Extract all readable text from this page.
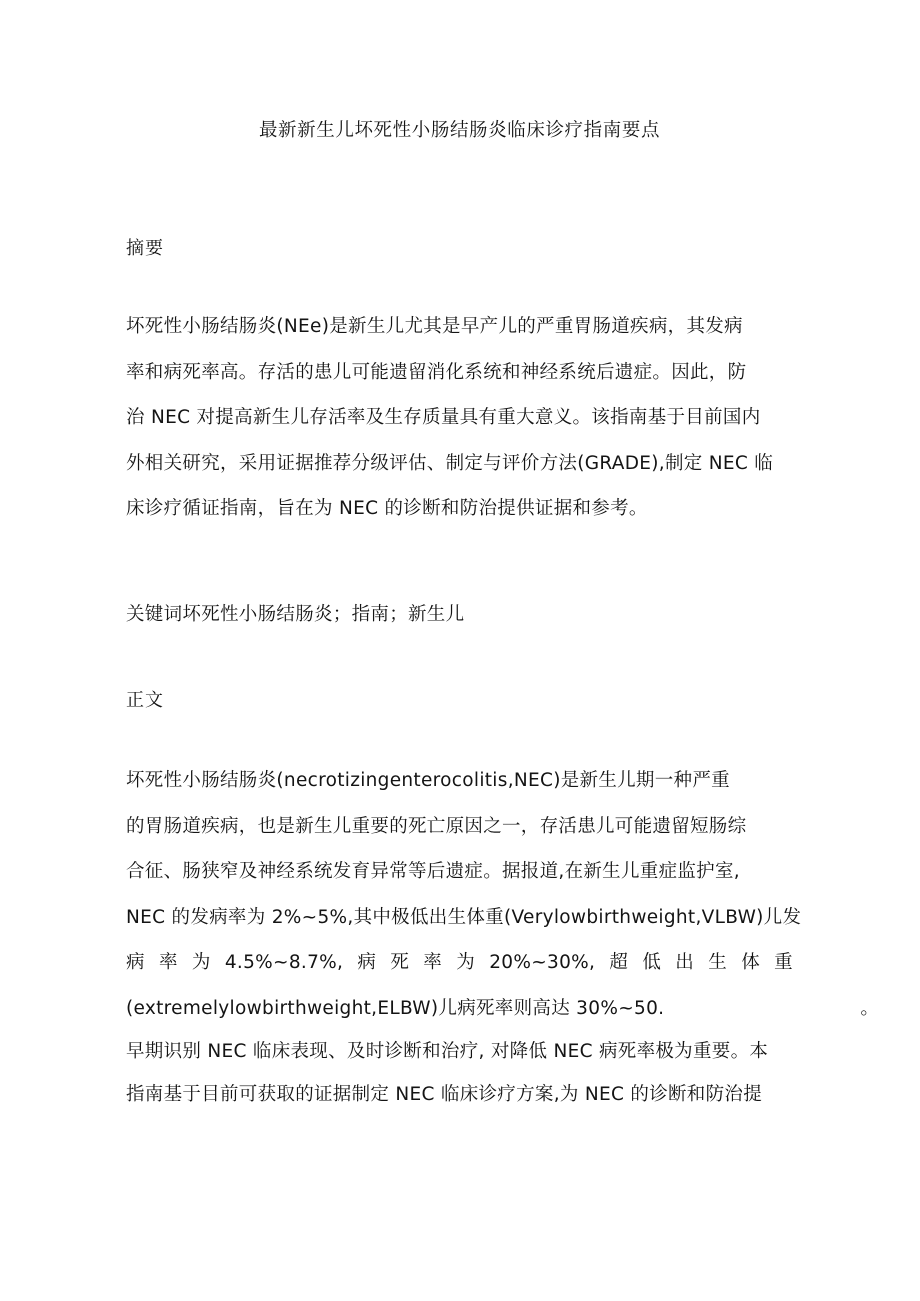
最新新生儿坏死性小肠结肠炎临床诊疗指南要点
摘要
坏死性小肠结肠炎(NEe)是新生儿尤其是早产儿的严重胃肠道疾病，其发病
率和病死率高。存活的患儿可能遗留消化系统和神经系统后遗症。因此，防
治 NEC 对提高新生儿存活率及生存质量具有重大意义。该指南基于目前国内
外相关研究，采用证据推荐分级评估、制定与评价方法(GRADE),制定 NEC 临
床诊疗循证指南，旨在为 NEC 的诊断和防治提供证据和参考。
关键词坏死性小肠结肠炎；指南；新生儿
正文
坏死性小肠结肠炎(necrotizingenterocolitis,NEC)是新生儿期一种严重
的胃肠道疾病，也是新生儿重要的死亡原因之一，存活患儿可能遗留短肠综
合征、肠狭窄及神经系统发育异常等后遗症。据报道,在新生儿重症监护室,
NEC 的发病率为 2%~5%,其中极低出生体重(Verylowbirthweight,VLBW)儿发
病 率 为 4.5%~8.7%, 病 死 率 为 20%~30%, 超 低 出 生 体 重
(extremelylowbirthweight,ELBW)儿病死率则高达 30%~50.	。
早期识别 NEC 临床表现、及时诊断和治疗, 对降低 NEC 病死率极为重要。本
指南基于目前可获取的证据制定 NEC 临床诊疗方案,为 NEC 的诊断和防治提
